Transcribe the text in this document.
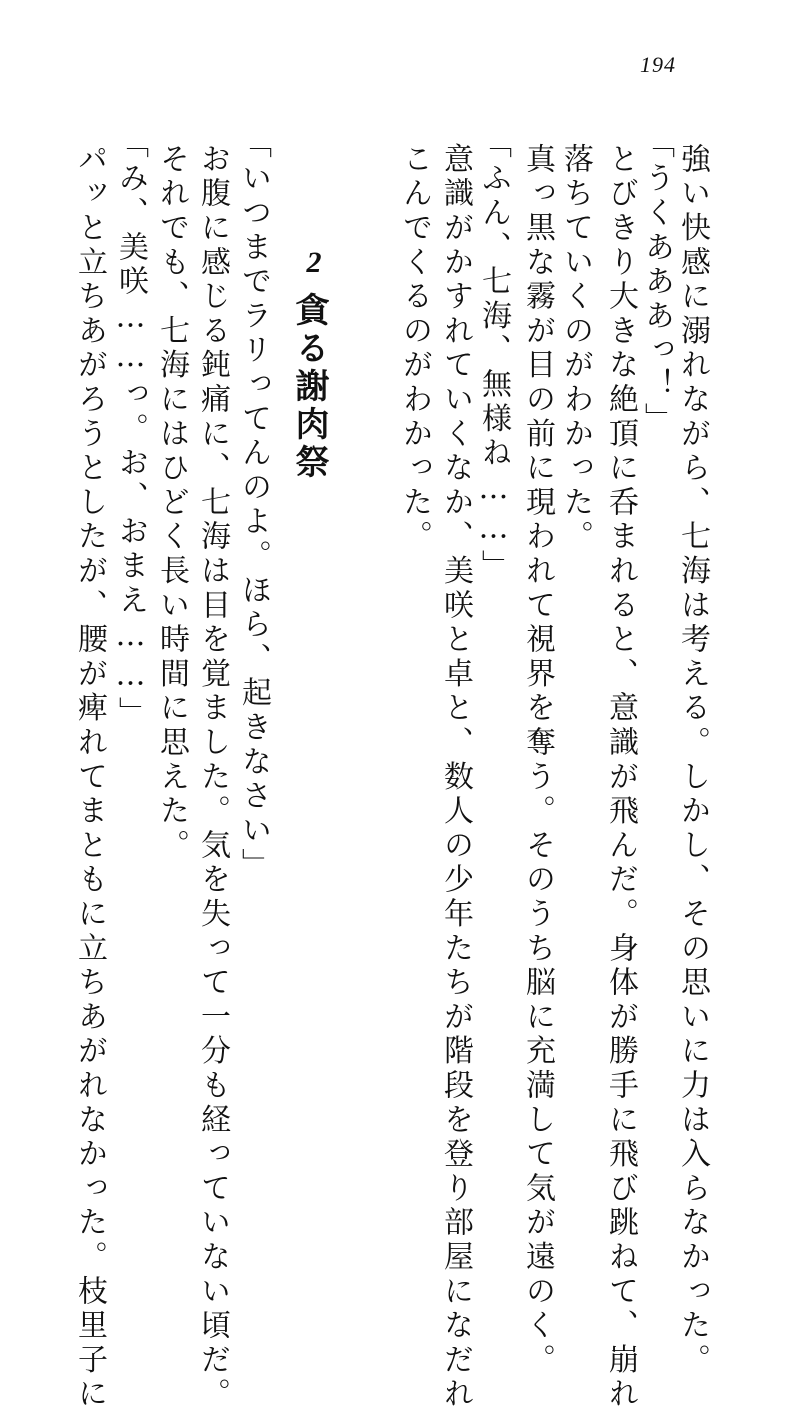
194
強い快感に溺れながら、七海は考える。しかし、その思いに力は入らなかった。
「うくあああっ！」
とびきり大きな絶頂に呑まれると、意識が飛んだ。身体が勝手に飛び跳ねて、崩れ
落ちていくのがわかった。
真っ黒な霧が目の前に現われて視界を奪う。そのうち脳に充満して気が遠のく。
「ふん、七海、無様ね……」
意識がかすれていくなか、美咲と卓と、数人の少年たちが階段を登り部屋になだれ
こんでくるのがわかった。
2
貪る謝肉祭
「いつまでラリってんのよ。ほら、起きなさい」
お腹に感じる鈍痛に、七海は目を覚ました。気を失って一分も経っていない頃だ。
それでも、七海にはひどく長い時間に思えた。
「み、美咲……っ。お、おまえ……」
パッと立ちあがろうとしたが、腰が痺れてまともに立ちあがれなかった。枝里子に
